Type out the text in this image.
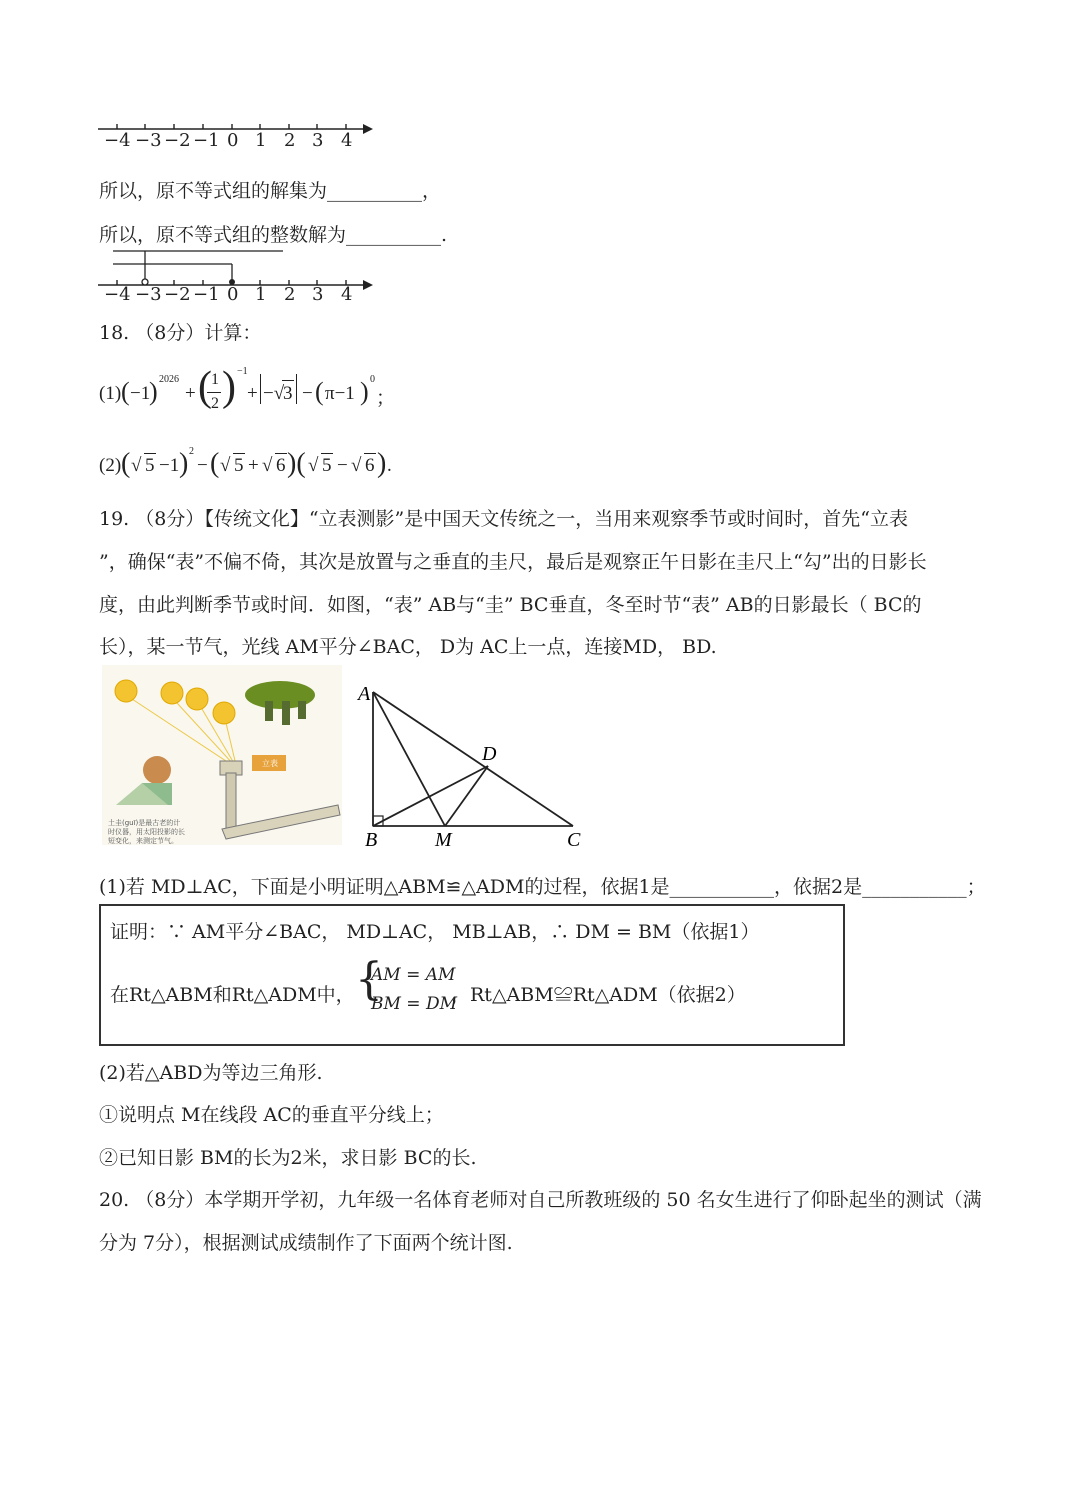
−4 −3 −2 −1 0 1 2 3 4
所以，原不等式组的解集为__________，
所以，原不等式组的整数解为__________.
−4 −3 −2 −1 0 1 2 3 4
18. （8分）计算：
(1) ( −1
) 2026
+ ( 1
2 ) −1
+ −√
3 − ( π−1 ) 0
；
(2) ( √ 5 −1 ) 2
− ( √ 5 + √ 6 )( √ 5 − √ 6 ) .
19. （8分）【传统文化】“立表测影”是中国天文传统之一，当用来观察季节或时间时，首先“立表
”，确保“表”不偏不倚，其次是放置与之垂直的圭尺，最后是观察正午日影在圭尺上“勾”出的日影长
度，由此判断季节或时间．如图，“表” AB与“圭” BC垂直，冬至时节“表” AB的日影最长（ BC的
长），某一节气，光线 AM平分∠BAC， D为 AC上一点，连接MD， BD.
立表
土圭(guī)是最古老的计
时仪器，用太阳投影的长
短变化，来测定节气。
A
B	C
D
M
(1)若 MD⊥AC，下面是小明证明△ABM≌△ADM的过程，依据1是___________，依据2是___________；
证明：∵ AM平分∠BAC， MD⊥AC， MB⊥AB，∴ DM = BM（依据1）
在Rt△ABM和Rt△ADM中， {
AM = AM
BM = DM
，Rt△ABM≌Rt△ADM（依据2）
(2)若△ABD为等边三角形.
①说明点 M在线段 AC的垂直平分线上；
②已知日影 BM的长为2米，求日影 BC的长.
20. （8分）本学期开学初，九年级一名体育老师对自己所教班级的 50 名女生进行了仰卧起坐的测试（满
分为 7分），根据测试成绩制作了下面两个统计图.
